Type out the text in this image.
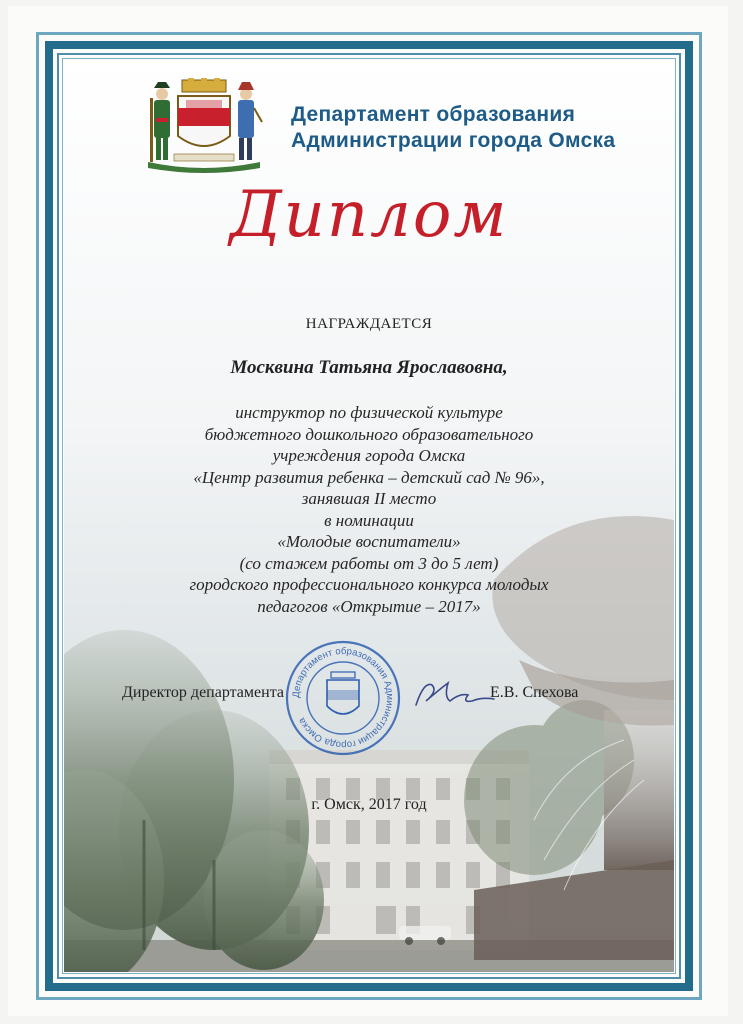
Департамент образования
Администрации города Омска
Диплом
НАГРАЖДАЕТСЯ
Москвина Татьяна Ярославовна,
инструктор по физической культуре
бюджетного дошкольного образовательного
учреждения города Омска
«Центр развития ребенка – детский сад № 96»,
занявшая II место
в номинации
«Молодые воспитатели»
(со стажем работы от 3 до 5 лет)
городского профессионального конкурса молодых
педагогов «Открытие – 2017»
Директор департамента	Е.В. Спехова
Департамент образования Администрации города Омска
г. Омск, 2017 год
